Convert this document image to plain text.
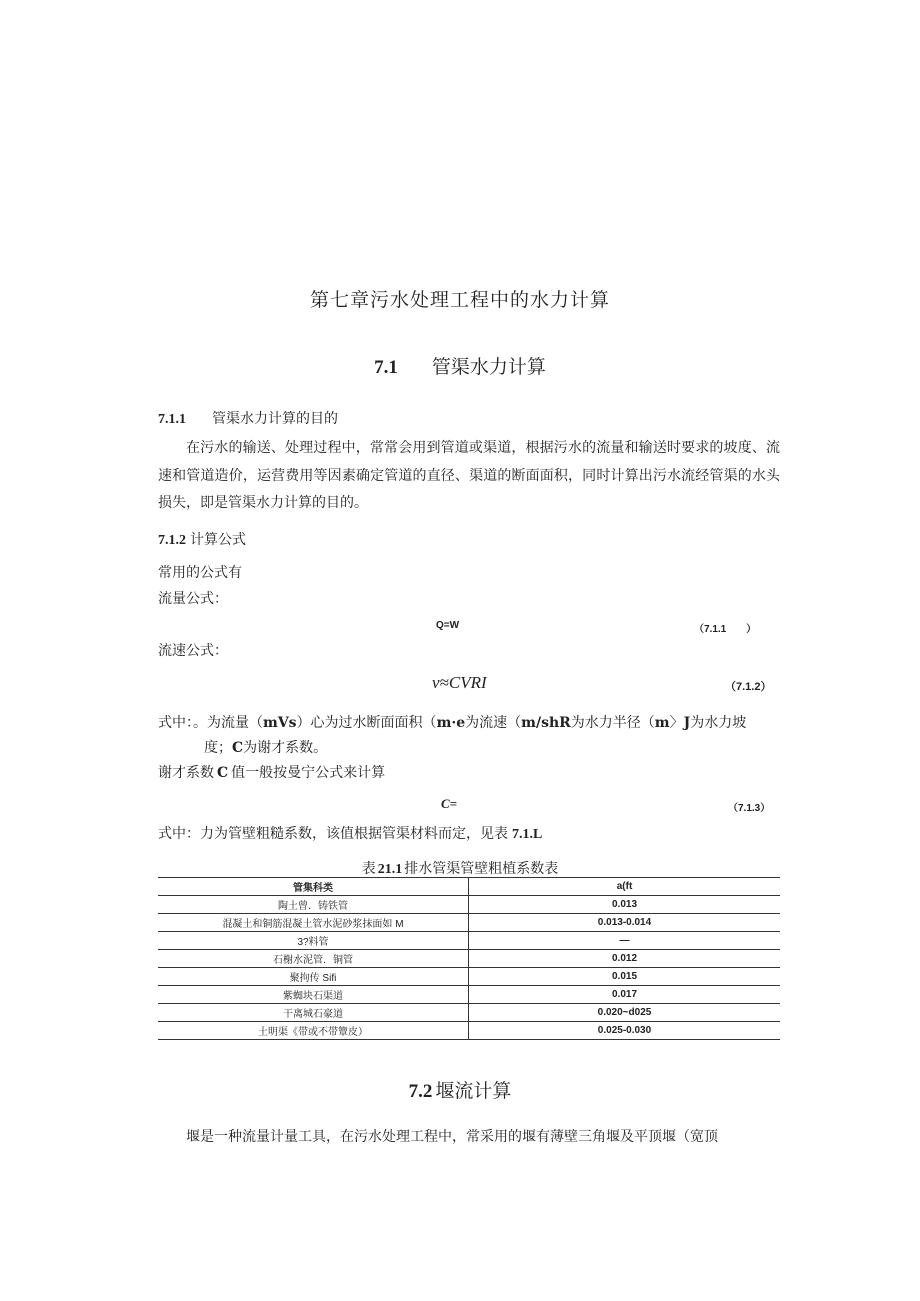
第七章污水处理工程中的水力计算
7.1 管渠水力计算
7.1.1 管渠水力计算的目的
在污水的输送、处理过程中，常常会用到管道或渠道，根据污水的流量和输送时要求的坡度、流速和管道造价，运营费用等因素确定管道的直径、渠道的断面面积，同时计算出污水流经管渠的水头损失，即是管渠水力计算的目的。
7.1.2 计算公式
常用的公式有
流量公式：
Q=W	（7.1.1　　）
流速公式：
v≈CVRI	（7.1.2）
式中：。为流量（mVs）心为过水断面面积（m·e为流速（m/shR为水力半径（m〉J为水力坡
度；C为谢才系数。
谢才系数 C 值一般按曼宁公式来计算
C=	（7.1.3）
式中：力为管壁粗糙系数，该值根据管渠材料而定，见表 7.1.L
表 21.1 排水管渠管壁粗植系数表
管集科类	a(ft
陶土曾．铸铁管	0.013
混凝土和铜筋混凝土管水泥砂浆抹面如 M	0.013-0.014
3?料管	—
石榭水泥管．铜管	0.012
聚拘传 Sifi	0.015
紫蜘块石渠道	0.017
干离城石豪道	0.020~d025
土明渠《带或不带簟皮）	0.025-0.030
7.2 堰流计算
堰是一种流量计量工具，在污水处理工程中，常采用的堰有薄壁三角堰及平顶堰（宽顶
